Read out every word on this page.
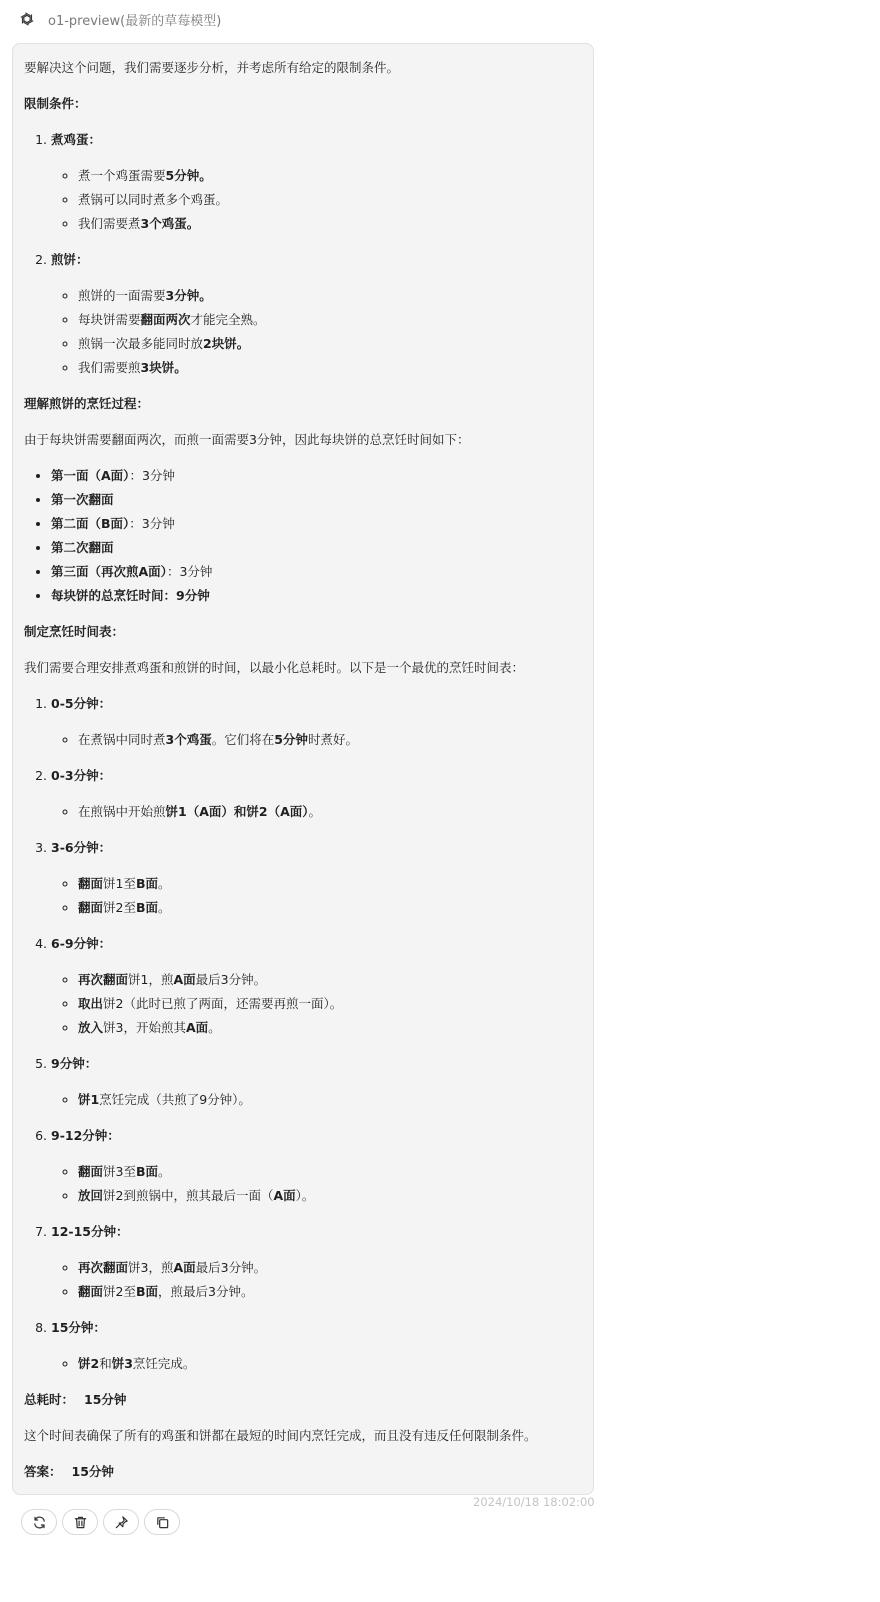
o1-preview(最新的草莓模型)

要解决这个问题，我们需要逐步分析，并考虑所有给定的限制条件。

限制条件：

1. 煮鸡蛋：
◦ 煮一个鸡蛋需要5分钟。
◦ 煮锅可以同时煮多个鸡蛋。
◦ 我们需要煮3个鸡蛋。
2. 煎饼：
◦ 煎饼的一面需要3分钟。
◦ 每块饼需要翻面两次才能完全熟。
◦ 煎锅一次最多能同时放2块饼。
◦ 我们需要煎3块饼。

理解煎饼的烹饪过程：

由于每块饼需要翻面两次，而煎一面需要3分钟，因此每块饼的总烹饪时间如下：

• 第一面（A面）：3分钟
• 第一次翻面
• 第二面（B面）：3分钟
• 第二次翻面
• 第三面（再次煎A面）：3分钟
• 每块饼的总烹饪时间：9分钟

制定烹饪时间表：

我们需要合理安排煮鸡蛋和煎饼的时间，以最小化总耗时。以下是一个最优的烹饪时间表：

1. 0-5分钟：
◦ 在煮锅中同时煮3个鸡蛋。它们将在5分钟时煮好。
2. 0-3分钟：
◦ 在煎锅中开始煎饼1（A面）和饼2（A面）。
3. 3-6分钟：
◦ 翻面饼1至B面。
◦ 翻面饼2至B面。
4. 6-9分钟：
◦ 再次翻面饼1，煎A面最后3分钟。
◦ 取出饼2（此时已煎了两面，还需要再煎一面）。
◦ 放入饼3，开始煎其A面。
5. 9分钟：
◦ 饼1烹饪完成（共煎了9分钟）。
6. 9-12分钟：
◦ 翻面饼3至B面。
◦ 放回饼2到煎锅中，煎其最后一面（A面）。
7. 12-15分钟：
◦ 再次翻面饼3，煎A面最后3分钟。
◦ 翻面饼2至B面，煎最后3分钟。
8. 15分钟：
◦ 饼2和饼3烹饪完成。

总耗时： 15分钟

这个时间表确保了所有的鸡蛋和饼都在最短的时间内烹饪完成，而且没有违反任何限制条件。

答案： 15分钟

2024/10/18 18:02:00
